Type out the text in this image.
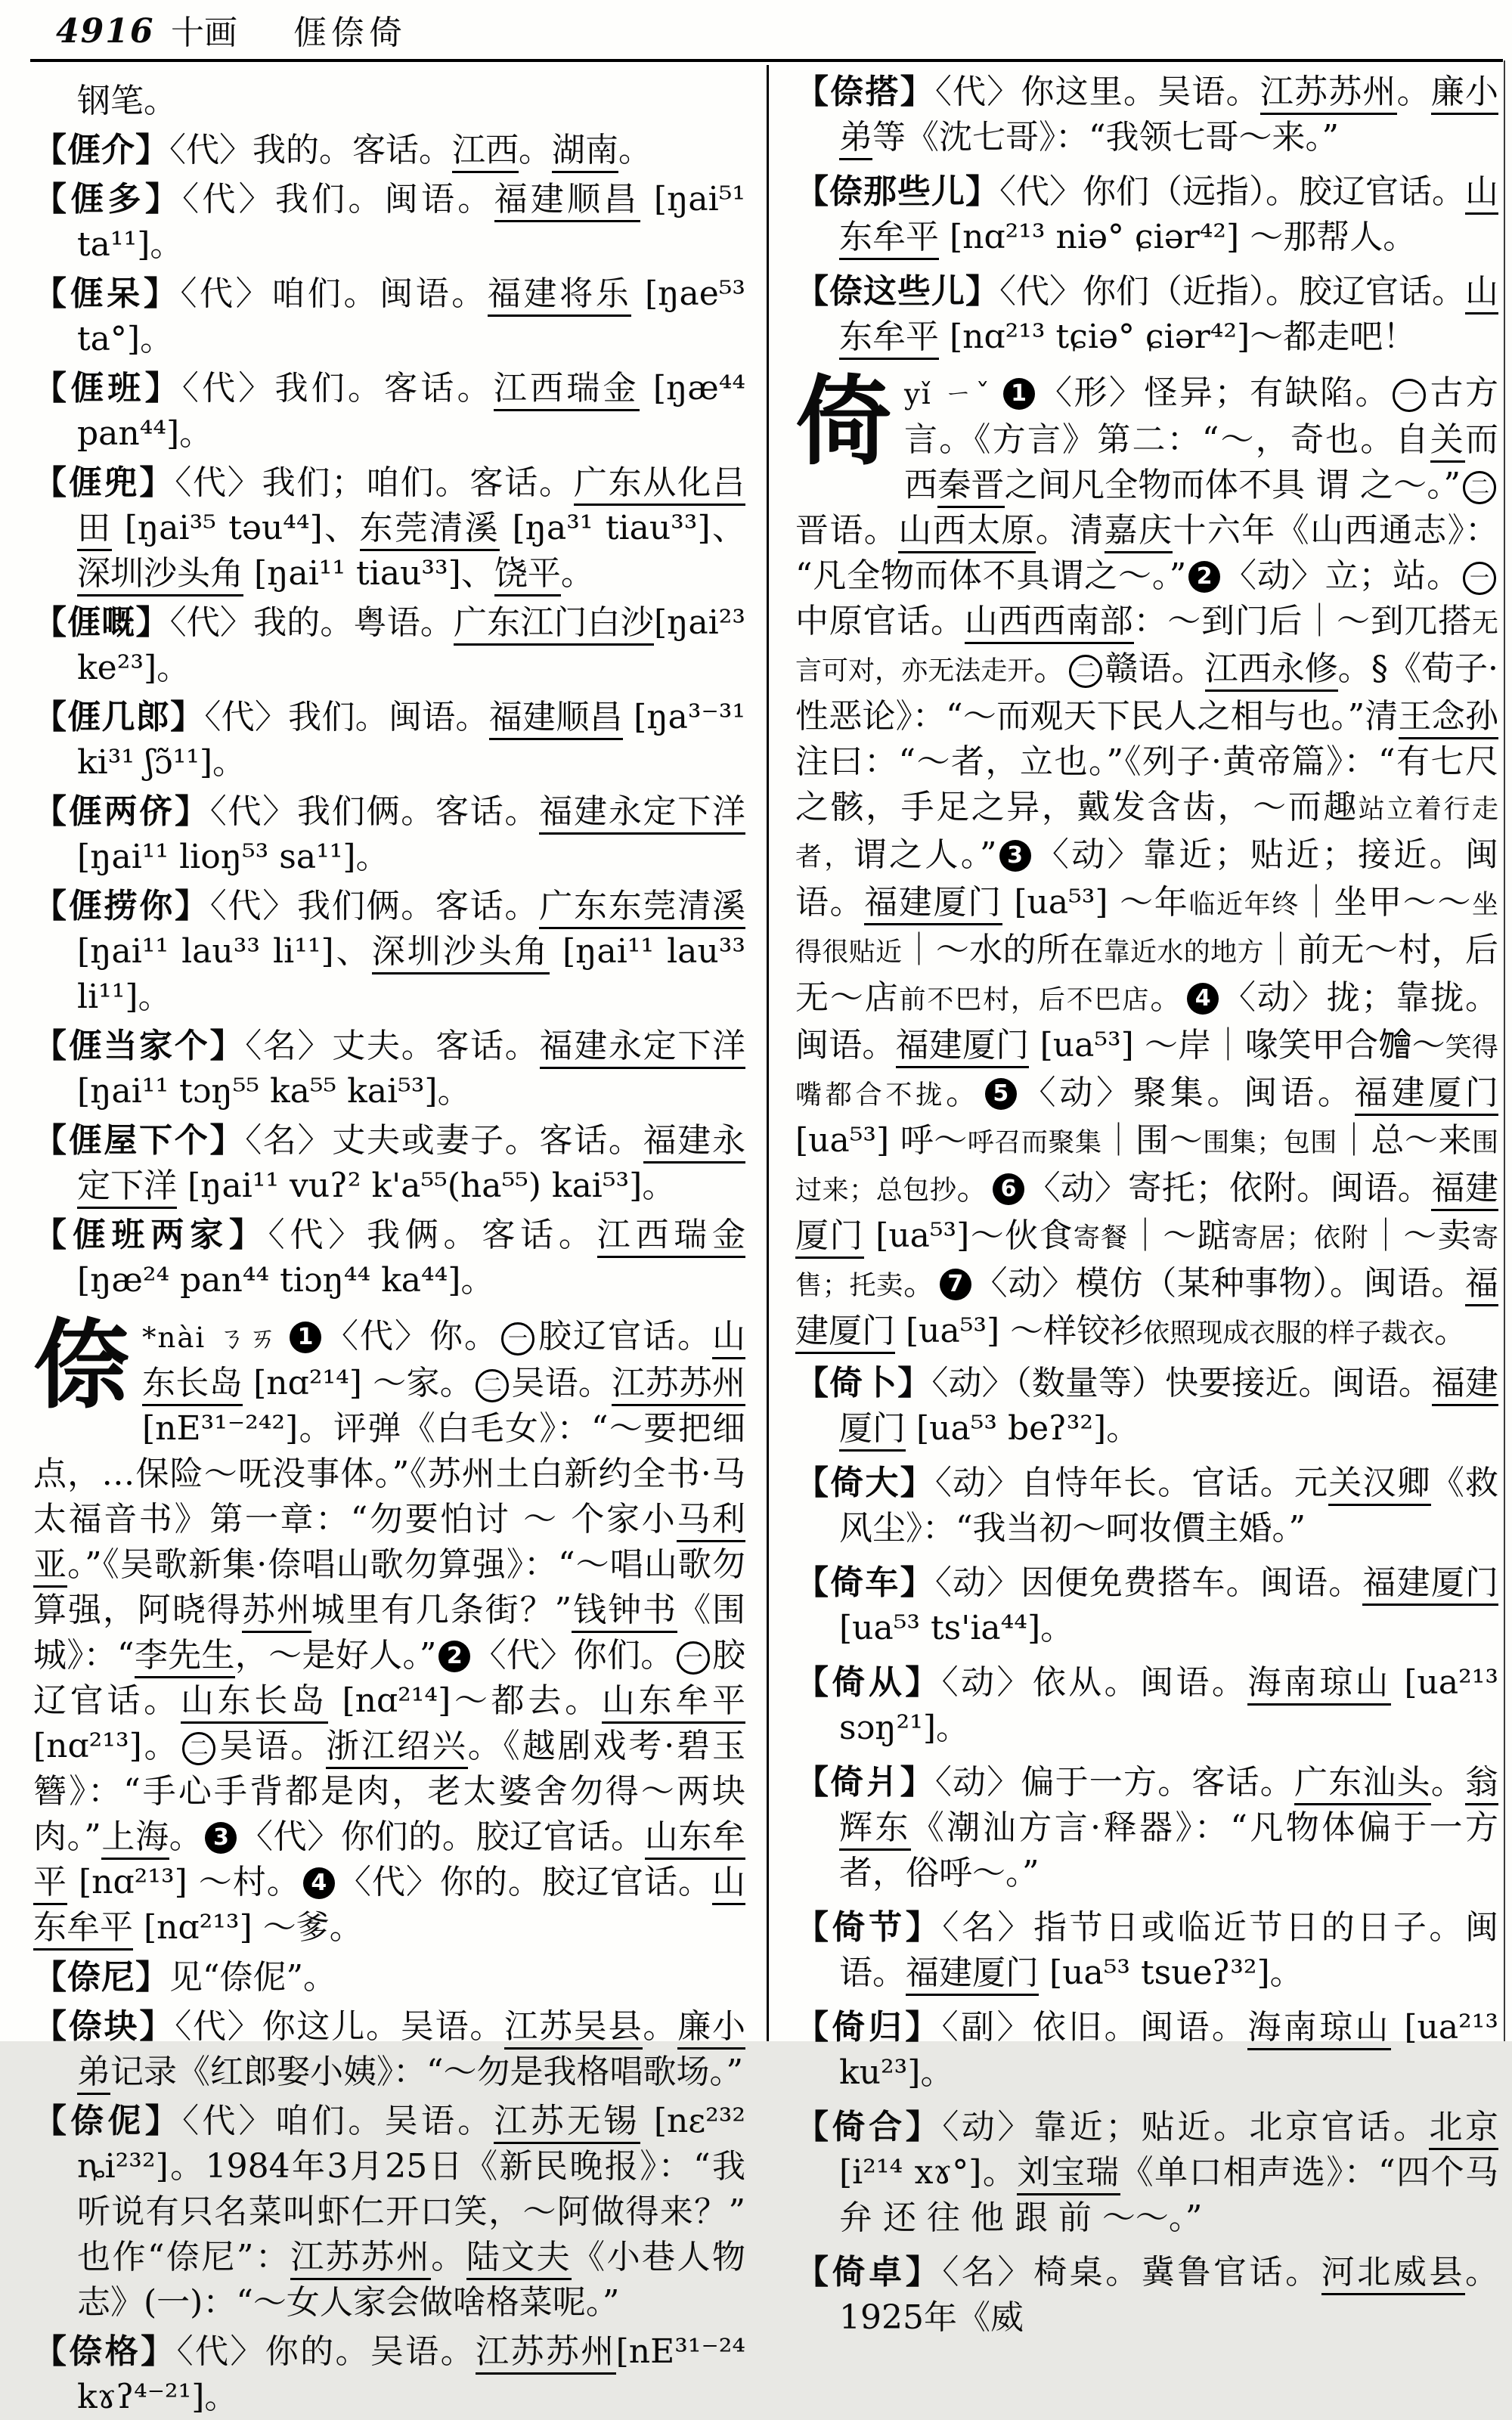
4916 十画 𠊎倷倚
钢笔。
【𠊎介】〈代〉我的。客话。江西。湖南。
【𠊎多】〈代〉我们。闽语。福建顺昌 [ŋai⁵¹ ta¹¹]。
【𠊎呆】〈代〉咱们。闽语。福建将乐 [ŋae⁵³ ta°]。
【𠊎班】〈代〉我们。客话。江西瑞金 [ŋæ⁴⁴ pan⁴⁴]。
【𠊎兜】〈代〉我们；咱们。客话。广东从化吕田 [ŋai³⁵ təu⁴⁴]、东莞清溪 [ŋa³¹ tiau³³]、深圳沙头角 [ŋai¹¹ tiau³³]、饶平。
【𠊎嘅】〈代〉我的。粤语。广东江门白沙[ŋai²³ ke²³]。
【𠊎几郎】〈代〉我们。闽语。福建顺昌 [ŋa³⁻³¹ ki³¹ ʃɔ̃¹¹]。
【𠊎两侪】〈代〉我们俩。客话。福建永定下洋[ŋai¹¹ lioŋ⁵³ sa¹¹]。
【𠊎捞你】〈代〉我们俩。客话。广东东莞清溪[ŋai¹¹ lau³³ li¹¹]、深圳沙头角 [ŋai¹¹ lau³³ li¹¹]。
【𠊎当家个】〈名〉丈夫。客话。福建永定下洋[ŋai¹¹ tɔŋ⁵⁵ ka⁵⁵ kai⁵³]。
【𠊎屋下个】〈名〉丈夫或妻子。客话。福建永定下洋 [ŋai¹¹ vuʔ² k'a⁵⁵(ha⁵⁵) kai⁵³]。
【𠊎班两家】〈代〉我俩。客话。江西瑞金[ŋæ²⁴ pan⁴⁴ tiɔŋ⁴⁴ ka⁴⁴]。
倷 *nài ㄋㄞ 1 〈代〉你。 一 胶辽官话。山东长岛 [nɑ²¹⁴] ～家。 二 吴语。江苏苏州 [nE³¹⁻²⁴²]。评弹《白毛女》：“～要把细点，…保险～呒没事体。”《苏州土白新约全书·马太福音书》第一章：“勿要怕讨 ～ 个家小马利亚。”《吴歌新集·倷唱山歌勿算强》：“～唱山歌勿算强，阿晓得苏州城里有几条街？”钱钟书《围城》：“李先生，～是好人。” 2 〈代〉你们。 一 胶辽官话。山东长岛 [nɑ²¹⁴]～都去。山东牟平 [nɑ²¹³]。 二 吴语。浙江绍兴。《越剧戏考·碧玉簪》：“手心手背都是肉，老太婆舍勿得～两块肉。”上海。 3 〈代〉你们的。胶辽官话。山东牟平 [nɑ²¹³] ～村。 4 〈代〉你的。胶辽官话。山东牟平 [nɑ²¹³] ～爹。
【倷尼】见“倷伲”。
【倷块】〈代〉你这儿。吴语。江苏吴县。廉小弟记录《红郎娶小姨》：“～勿是我格唱歌场。”
【倷伲】〈代〉咱们。吴语。江苏无锡 [nɛ²³² ȵi²³²]。1984年3月25日《新民晚报》：“我听说有只名菜叫虾仁开口笑，～阿做得来？”也作“倷尼”：江苏苏州。陆文夫《小巷人物志》(一)：“～女人家会做啥格菜呢。”
【倷格】〈代〉你的。吴语。江苏苏州[nE³¹⁻²⁴ kɤʔ⁴⁻²¹]。
【倷搭】〈代〉你这里。吴语。江苏苏州。廉小弟等《沈七哥》：“我领七哥～来。”
【倷那些儿】〈代〉你们（远指）。胶辽官话。山东牟平 [nɑ²¹³ niə° ɕiər⁴²] ～那帮人。
【倷这些儿】〈代〉你们（近指）。胶辽官话。山东牟平 [nɑ²¹³ tɕiə° ɕiər⁴²]～都走吧！
倚yǐ ㄧˇ 1 〈形〉怪异；有缺陷。 一 古方言。《方言》第二：“～，奇也。自关而西秦晋之间凡全物而体不具 谓 之～。” 二晋语。山西太原。清嘉庆十六年《山西通志》：“凡全物而体不具谓之～。” 2 〈动〉立；站。 一中原官话。山西西南部：～到门后｜～到兀搭无言可对，亦无法走开。 二 赣语。江西永修。§《荀子·性恶论》：“～而观天下民人之相与也。”清王念孙注曰：“～者，立也。”《列子·黄帝篇》：“有七尺之骸，手足之异，戴发含齿，～而趣站立着行走者，谓之人。” 3 〈动〉靠近；贴近；接近。闽语。福建厦门 [ua⁵³] ～年临近年终｜坐甲～～坐得很贴近｜～水的所在靠近水的地方｜前无～村，后无～店前不巴村，后不巴店。 4 〈动〉拢；靠拢。闽语。福建厦门 [ua⁵³] ～岸｜喙笑甲合𣍐～笑得嘴都合不拢。 5 〈动〉聚集。闽语。福建厦门 [ua⁵³] 呼～呼召而聚集｜围～围集；包围｜总～来围过来；总包抄。 6 〈动〉寄托；依附。闽语。福建厦门 [ua⁵³]～伙食寄餐｜～踮寄居；依附｜～卖寄售；托卖。 7 〈动〉模仿（某种事物）。闽语。福建厦门 [ua⁵³] ～样铰衫依照现成衣服的样子裁衣。
【倚卜】〈动〉（数量等）快要接近。闽语。福建厦门 [ua⁵³ beʔ³²]。
【倚大】〈动〉自恃年长。官话。元关汉卿《救风尘》：“我当初～呵妆價主婚。”
【倚车】〈动〉因便免费搭车。闽语。福建厦门 [ua⁵³ ts'ia⁴⁴]。
【倚从】〈动〉依从。闽语。海南琼山 [ua²¹³ sɔŋ²¹]。
【倚爿】〈动〉偏于一方。客话。广东汕头。翁辉东《潮汕方言·释器》：“凡物体偏于一方者，俗呼～。”
【倚节】〈名〉指节日或临近节日的日子。闽语。福建厦门 [ua⁵³ tsueʔ³²]。
【倚归】〈副〉依旧。闽语。海南琼山 [ua²¹³ ku²³]。
【倚合】〈动〉靠近；贴近。北京官话。北京 [i²¹⁴ xɤ°]。刘宝瑞《单口相声选》：“四个马弁 还 往 他 跟 前 ～～。”
【倚卓】〈名〉椅桌。冀鲁官话。河北威县。1925年《威
